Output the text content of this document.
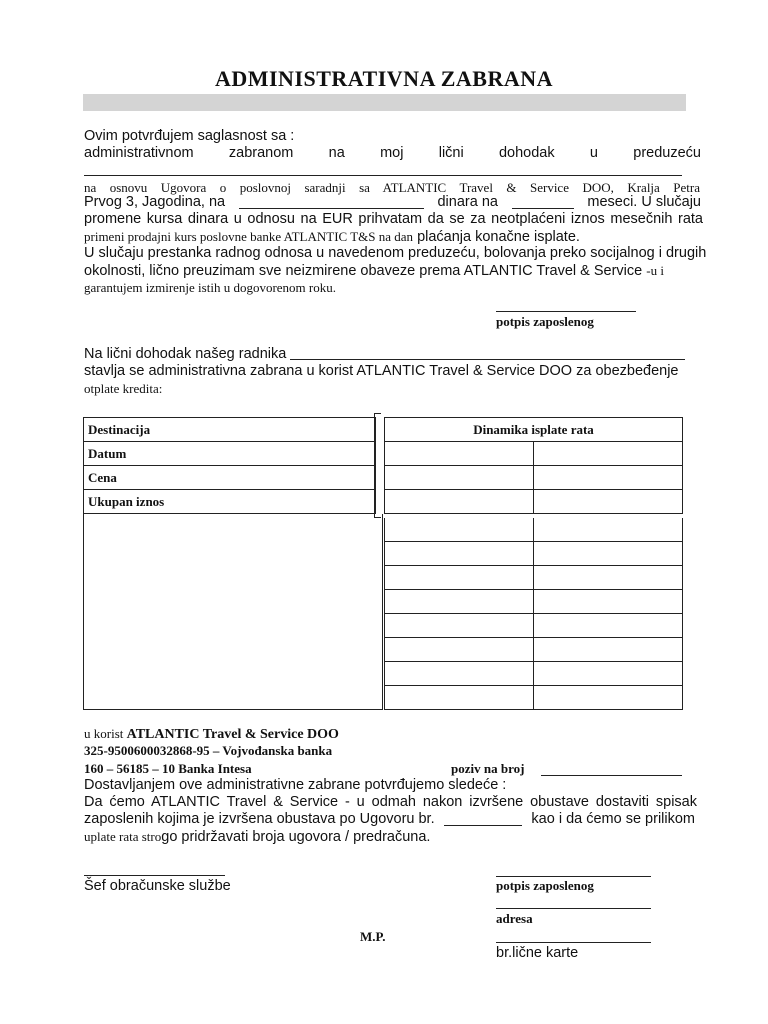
ADMINISTRATIVNA ZABRANA
Ovim potvrđujem saglasnost sa :
administrativnom zabranom na moj lični dohodak u preduzeću
na osnovu Ugovora o poslovnoj saradnji sa ATLANTIC Travel & Service DOO, Kralja Petra
Prvog 3, Jagodina, na	dinara na	meseci. U slučaju
promene kursa dinara u odnosu na EUR prihvatam da se za neotplaćeni iznos mesečnih rata
primeni prodajni kurs poslovne banke ATLANTIC T&S na dan plaćanja konačne isplate.
U slučaju prestanka radnog odnosa u navedenom preduzeću, bolovanja preko socijalnog i drugih
okolnosti, lično preuzimam sve neizmirene obaveze prema ATLANTIC Travel & Service -u i
garantujem izmirenje istih u dogovorenom roku.
potpis zaposlenog
Na lični dohodak našeg radnika
stavlja se administrativna zabrana u korist ATLANTIC Travel & Service DOO za obezbeđenje
otplate kredita:
Destinacija
Datum
Cena
Ukupan iznos
Dinamika isplate rata	

u korist ATLANTIC Travel & Service DOO
325-9500600032868-95 – Vojvođanska banka
160 – 56185 – 10 Banka Intesa	poziv na broj
Dostavljanjem ove administrativne zabrane potvrđujemo sledeće :
Da ćemo ATLANTIC Travel & Service - u odmah nakon izvršene obustave dostaviti spisak
zaposlenih kojima je izvršena obustava po Ugovoru br.	kao i da ćemo se prilikom
uplate rata strogo pridržavati broja ugovora / predračuna.
Šef obračunske službe	potpis zaposlenog
adresa
M.P.
br.lične karte
